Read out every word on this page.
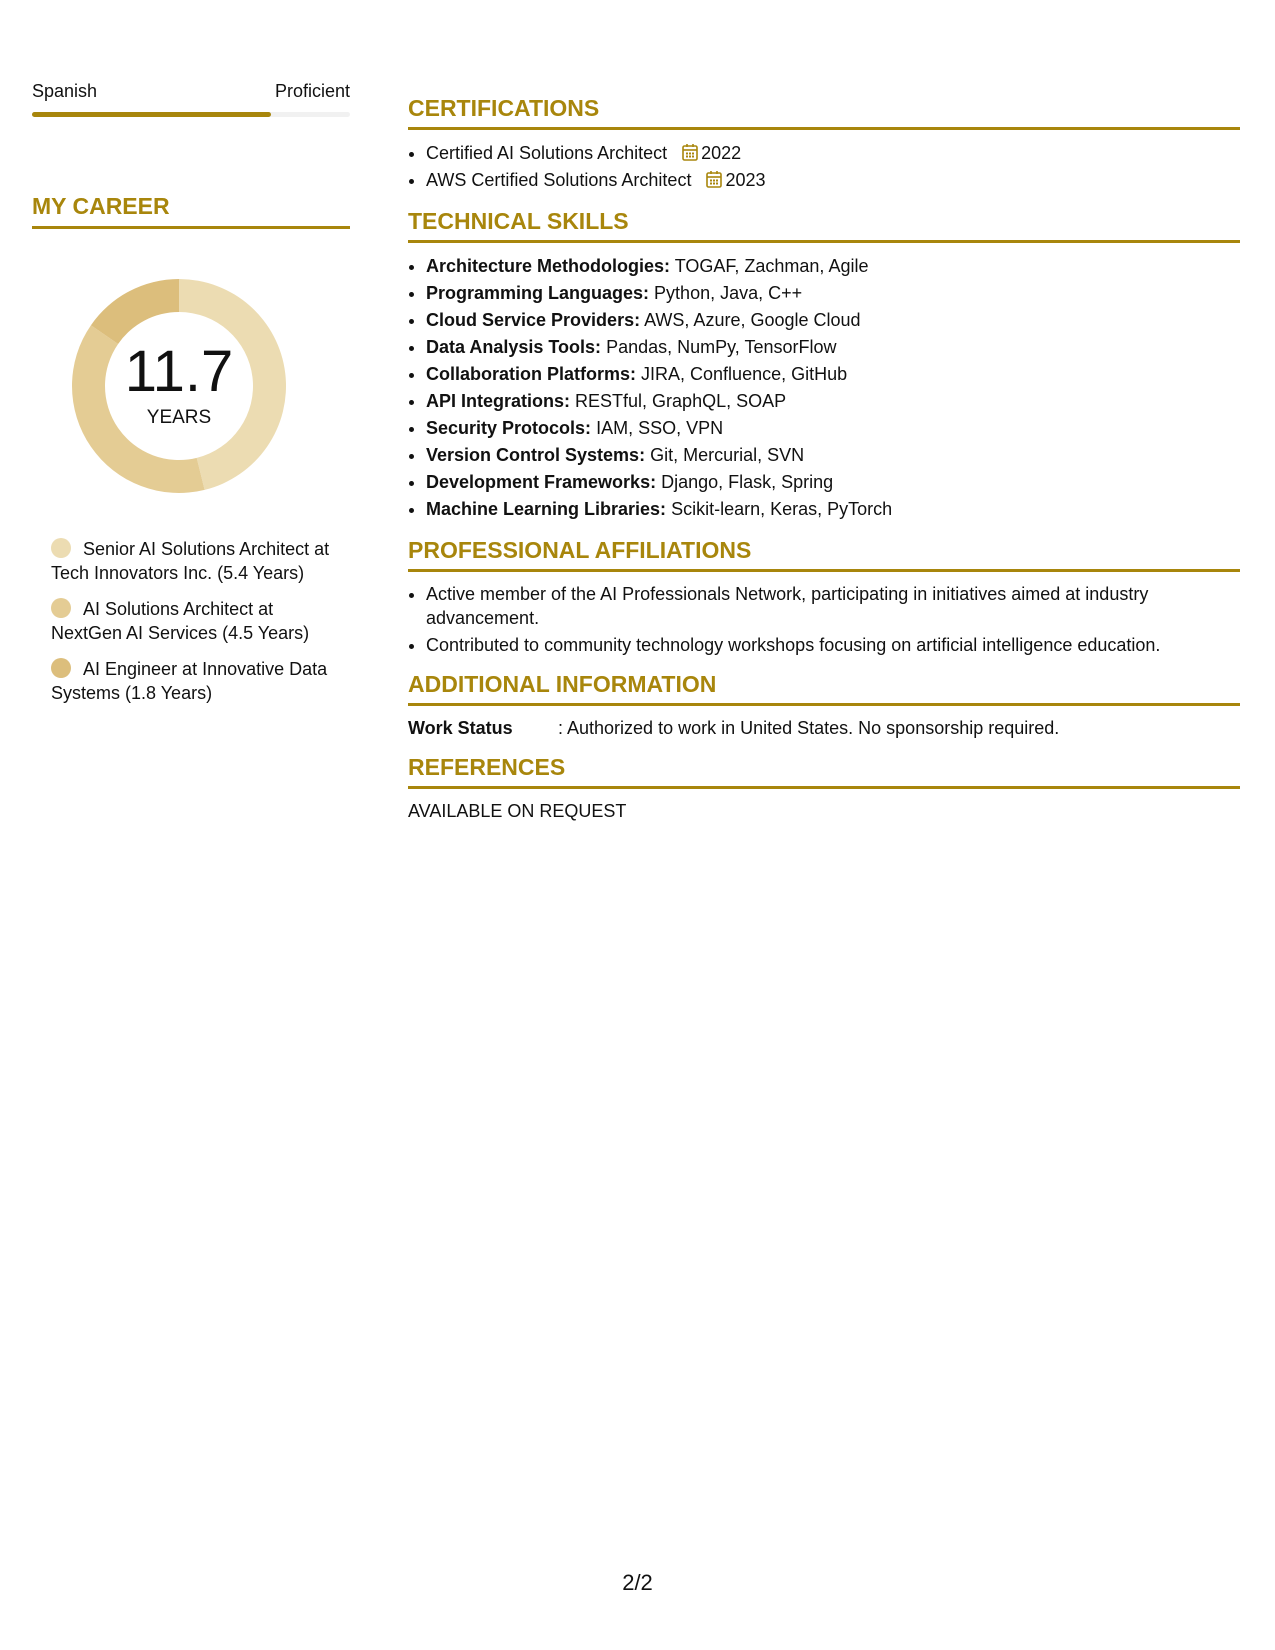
Spanish	Proficient
MY CAREER
11.7
YEARS
Senior AI Solutions Architect at Tech Innovators Inc. (5.4 Years)
AI Solutions Architect at NextGen AI Services (4.5 Years)
AI Engineer at Innovative Data Systems (1.8 Years)
CERTIFICATIONS
• Certified AI Solutions Architect 2022
• AWS Certified Solutions Architect 2023
TECHNICAL SKILLS
• Architecture Methodologies: TOGAF, Zachman, Agile
• Programming Languages: Python, Java, C++
• Cloud Service Providers: AWS, Azure, Google Cloud
• Data Analysis Tools: Pandas, NumPy, TensorFlow
• Collaboration Platforms: JIRA, Confluence, GitHub
• API Integrations: RESTful, GraphQL, SOAP
• Security Protocols: IAM, SSO, VPN
• Version Control Systems: Git, Mercurial, SVN
• Development Frameworks: Django, Flask, Spring
• Machine Learning Libraries: Scikit-learn, Keras, PyTorch
PROFESSIONAL AFFILIATIONS
• Active member of the AI Professionals Network, participating in initiatives aimed at industry advancement.
• Contributed to community technology workshops focusing on artificial intelligence education.
ADDITIONAL INFORMATION
Work Status	: Authorized to work in United States. No sponsorship required.
REFERENCES
AVAILABLE ON REQUEST
2/2
